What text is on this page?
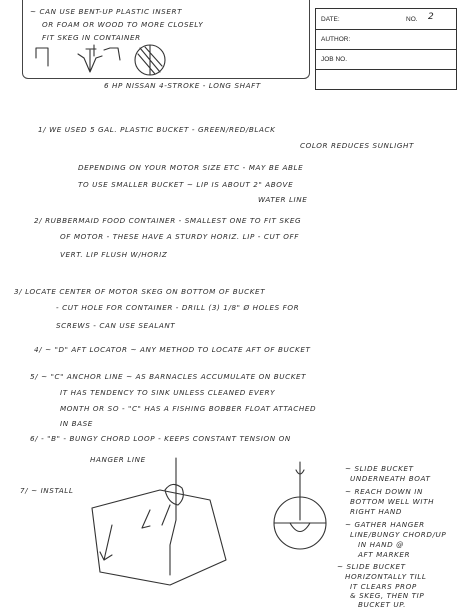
~ CAN USE BENT-UP PLASTIC INSERT
OR FOAM OR WOOD TO MORE CLOSELY
FIT SKEG IN CONTAINER
DATE:	NO. 2
AUTHOR:
JOB NO.
6 HP NISSAN 4-STROKE - LONG SHAFT
1/ WE USED 5 GAL. PLASTIC BUCKET - GREEN/RED/BLACK
COLOR REDUCES SUNLIGHT
DEPENDING ON YOUR MOTOR SIZE ETC - MAY BE ABLE
TO USE SMALLER BUCKET ~ LIP IS ABOUT 2" ABOVE
WATER LINE
2/ RUBBERMAID FOOD CONTAINER - SMALLEST ONE TO FIT SKEG
OF MOTOR - THESE HAVE A STURDY HORIZ. LIP - CUT OFF
VERT. LIP FLUSH W/HORIZ
3/ LOCATE CENTER OF MOTOR SKEG ON BOTTOM OF BUCKET
- CUT HOLE FOR CONTAINER - DRILL (3) 1/8" Ø HOLES FOR
SCREWS - CAN USE SEALANT
4/ ~ "D" AFT LOCATOR ~ ANY METHOD TO LOCATE AFT OF BUCKET
5/ ~ "C" ANCHOR LINE ~ AS BARNACLES ACCUMULATE ON BUCKET
IT HAS TENDENCY TO SINK UNLESS CLEANED EVERY
MONTH OR SO - "C" HAS A FISHING BOBBER FLOAT ATTACHED
IN BASE
6/ - "B" - BUNGY CHORD LOOP - KEEPS CONSTANT TENSION ON
HANGER LINE
7/ ~ INSTALL
~ SLIDE BUCKET
UNDERNEATH BOAT
~ REACH DOWN IN
BOTTOM WELL WITH
RIGHT HAND
~ GATHER HANGER
LINE/BUNGY CHORD/UP
IN HAND @
AFT MARKER
~ SLIDE BUCKET
HORIZONTALLY TILL
IT CLEARS PROP
& SKEG, THEN TIP
BUCKET UP.
